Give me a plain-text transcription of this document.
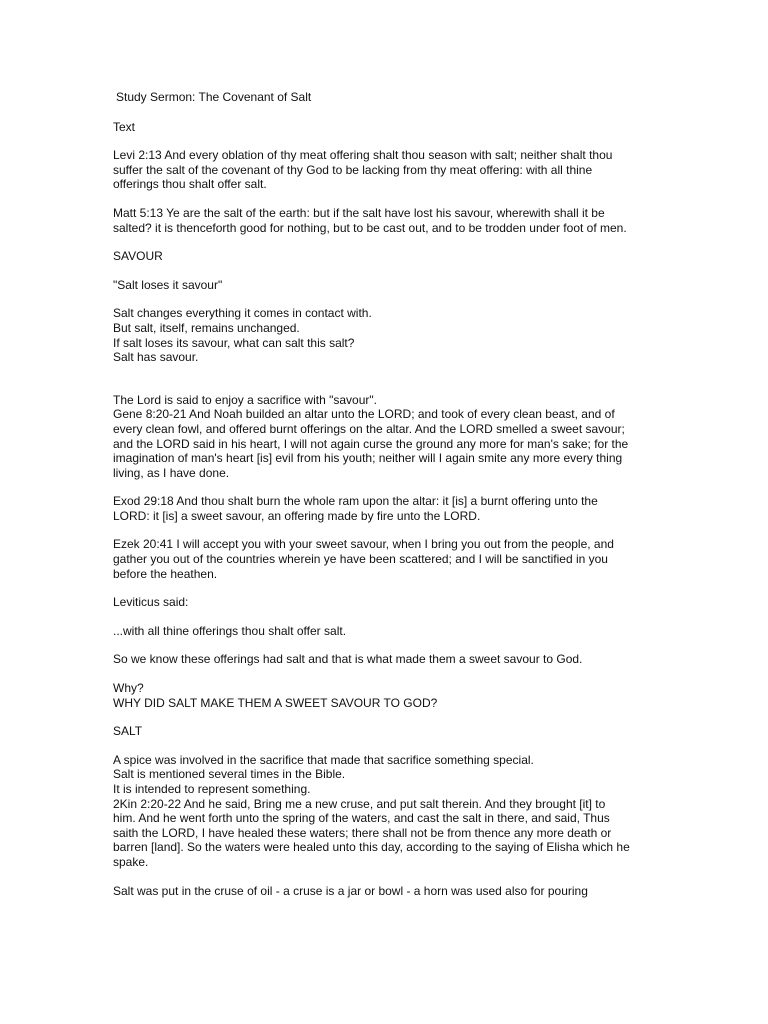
Study Sermon: The Covenant of Salt
Text
Levi 2:13 And every oblation of thy meat offering shalt thou season with salt; neither shalt thou
suffer the salt of the covenant of thy God to be lacking from thy meat offering: with all thine
offerings thou shalt offer salt.
Matt 5:13 Ye are the salt of the earth: but if the salt have lost his savour, wherewith shall it be
salted? it is thenceforth good for nothing, but to be cast out, and to be trodden under foot of men.
SAVOUR
"Salt loses it savour"
Salt changes everything it comes in contact with.
But salt, itself, remains unchanged.
If salt loses its savour, what can salt this salt?
Salt has savour.
The Lord is said to enjoy a sacrifice with "savour".
Gene 8:20-21 And Noah builded an altar unto the LORD; and took of every clean beast, and of
every clean fowl, and offered burnt offerings on the altar. And the LORD smelled a sweet savour;
and the LORD said in his heart, I will not again curse the ground any more for man's sake; for the
imagination of man's heart [is] evil from his youth; neither will I again smite any more every thing
living, as I have done.
Exod 29:18 And thou shalt burn the whole ram upon the altar: it [is] a burnt offering unto the
LORD: it [is] a sweet savour, an offering made by fire unto the LORD.
Ezek 20:41 I will accept you with your sweet savour, when I bring you out from the people, and
gather you out of the countries wherein ye have been scattered; and I will be sanctified in you
before the heathen.
Leviticus said:
...with all thine offerings thou shalt offer salt.
So we know these offerings had salt and that is what made them a sweet savour to God.
Why?
WHY DID SALT MAKE THEM A SWEET SAVOUR TO GOD?
SALT
A spice was involved in the sacrifice that made that sacrifice something special.
Salt is mentioned several times in the Bible.
It is intended to represent something.
2Kin 2:20-22 And he said, Bring me a new cruse, and put salt therein. And they brought [it] to
him. And he went forth unto the spring of the waters, and cast the salt in there, and said, Thus
saith the LORD, I have healed these waters; there shall not be from thence any more death or
barren [land]. So the waters were healed unto this day, according to the saying of Elisha which he
spake.
Salt was put in the cruse of oil - a cruse is a jar or bowl - a horn was used also for pouring
